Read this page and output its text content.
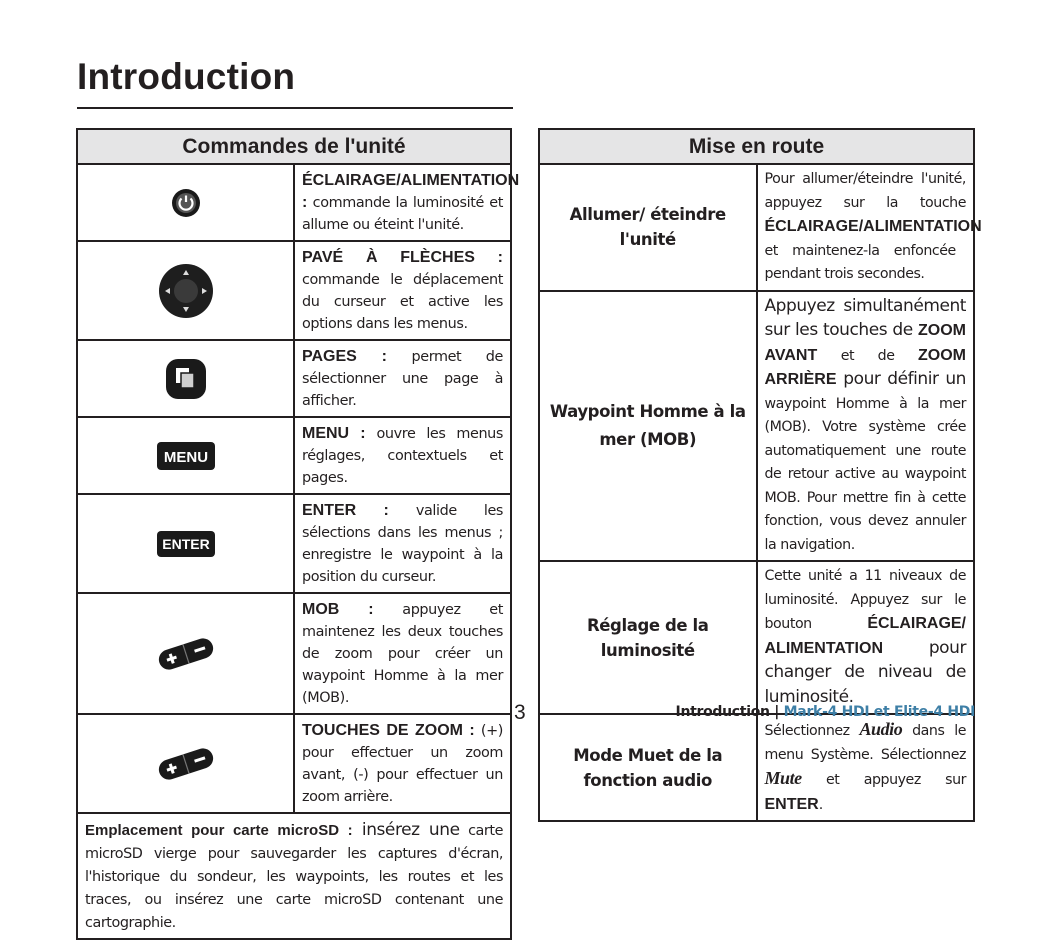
Introduction
Commandes de l'unité	

	ÉCLAIRAGE/ALIMENTATION : commande la luminosité et allume ou éteint l'unité.

	PAVÉ À FLÈCHES : commande le déplacement du curseur et active les options dans les menus.

	PAGES : permet de sélectionner une page à afficher.

MENU	MENU : ouvre les menus réglages, contextuels et pages.

ENTER	ENTER : valide les sélections dans les menus ; enregistre le waypoint à la position du curseur.

	MOB : appuyez et maintenez les deux touches de zoom pour créer un waypoint Homme à la mer (MOB).

	TOUCHES DE ZOOM : (+) pour effectuer un zoom avant, (-) pour effectuer un zoom arrière.
Emplacement pour carte microSD : insérez une carte microSD vierge pour sauvegarder les captures d'écran, l'historique du sondeur, les waypoints, les routes et les traces, ou insérez une carte microSD contenant une cartographie.	
Mise en route	
Allumer/ éteindre l'unité	Pour allumer/éteindre l'unité, appuyez sur la touche ÉCLAIRAGE/ALIMENTATION et maintenez-la enfoncée pendant trois secondes.
Waypoint Homme à la mer (MOB)	Appuyez simultanément sur les touches de ZOOM AVANT et de ZOOM ARRIÈRE pour définir un waypoint Homme à la mer (MOB). Votre système crée automatiquement une route de retour active au waypoint MOB. Pour mettre fin à cette fonction, vous devez annuler la navigation.
Réglage de la luminosité	Cette unité a 11 niveaux de luminosité. Appuyez sur le bouton ÉCLAIRAGE/ ALIMENTATION pour changer de niveau de luminosité.
Mode Muet de la fonction audio	Sélectionnez Audio dans le menu Système. Sélectionnez Mute et appuyez sur ENTER.

3	Introduction | Mark-4 HDI et Elite-4 HDI
